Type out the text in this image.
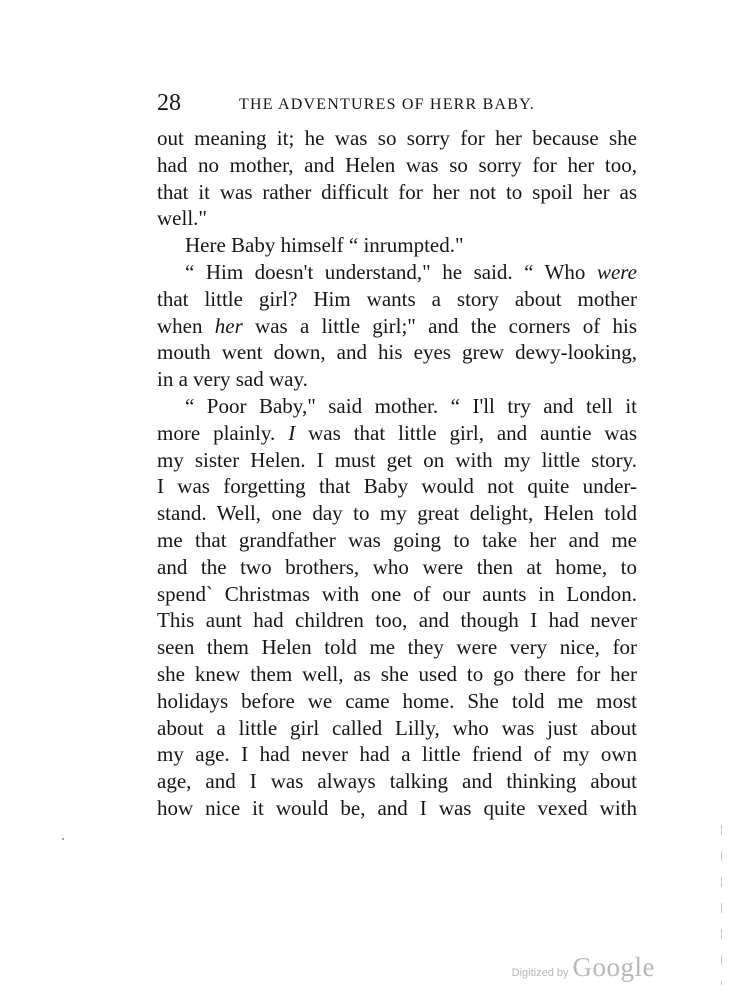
28	THE ADVENTURES OF HERR BABY.
out meaning it; he was so sorry for her because she
had no mother, and Helen was so sorry for her too,
that it was rather difficult for her not to spoil her as
well."
Here Baby himself “ inrumpted."
“ Him doesn't understand," he said. “ Who were
that little girl? Him wants a story about mother
when her was a little girl;" and the corners of his
mouth went down, and his eyes grew dewy-looking,
in a very sad way.
“ Poor Baby," said mother. “ I'll try and tell it
more plainly. I was that little girl, and auntie was
my sister Helen. I must get on with my little story.
I was forgetting that Baby would not quite under-
stand. Well, one day to my great delight, Helen told
me that grandfather was going to take her and me
and the two brothers, who were then at home, to
spend` Christmas with one of our aunts in London.
This aunt had children too, and though I had never
seen them Helen told me they were very nice, for
she knew them well, as she used to go there for her
holidays before we came home. She told me most
about a little girl called Lilly, who was just about
my age. I had never had a little friend of my own
age, and I was always talking and thinking about
how nice it would be, and I was quite vexed with
Digitized by Google
